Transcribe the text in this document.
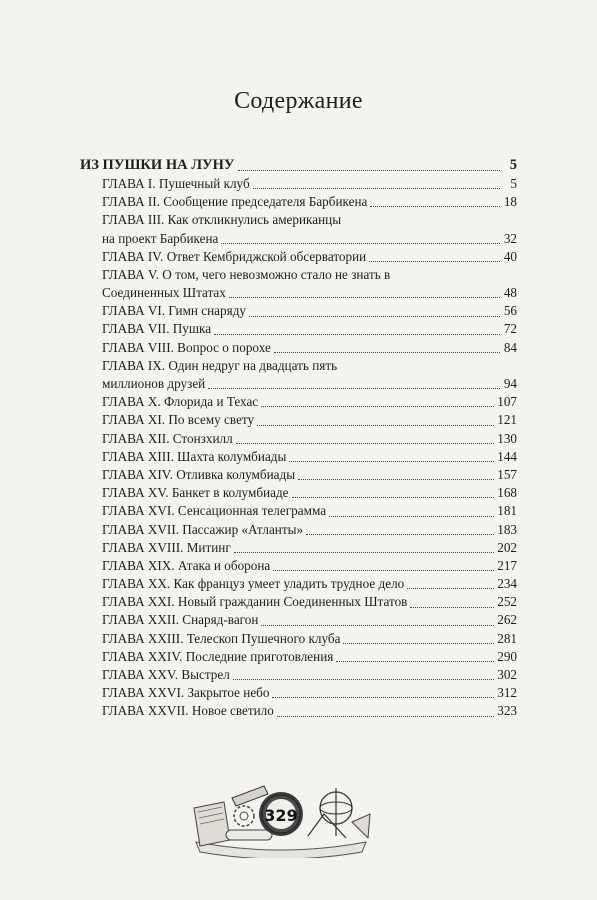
Содержание
ИЗ ПУШКИ НА ЛУНУ	5
ГЛАВА I. Пушечный клуб	5
ГЛАВА II. Сообщение председателя Барбикена	18
ГЛАВА III. Как откликнулись американцы
на проект Барбикена	32
ГЛАВА IV. Ответ Кембриджской обсерватории	40
ГЛАВА V. О том, чего невозможно стало не знать в
Соединенных Штатах	48
ГЛАВА VI. Гимн снаряду	56
ГЛАВА VII. Пушка	72
ГЛАВА VIII. Вопрос о порохе	84
ГЛАВА IX. Один недруг на двадцать пять
миллионов друзей	94
ГЛАВА X. Флорида и Техас	107
ГЛАВА XI. По всему свету	121
ГЛАВА XII. Стонзхилл	130
ГЛАВА XIII. Шахта колумбиады	144
ГЛАВА XIV. Отливка колумбиады	157
ГЛАВА XV. Банкет в колумбиаде	168
ГЛАВА XVI. Сенсационная телеграмма	181
ГЛАВА XVII. Пассажир «Атланты»	183
ГЛАВА XVIII. Митинг	202
ГЛАВА XIX. Атака и оборона	217
ГЛАВА XX. Как француз умеет уладить трудное дело	234
ГЛАВА XXI. Новый гражданин Соединенных Штатов	252
ГЛАВА XXII. Снаряд-вагон	262
ГЛАВА XXIII. Телескоп Пушечного клуба	281
ГЛАВА XXIV. Последние приготовления	290
ГЛАВА XXV. Выстрел	302
ГЛАВА XXVI. Закрытое небо	312
ГЛАВА XXVII. Новое светило	323
329
